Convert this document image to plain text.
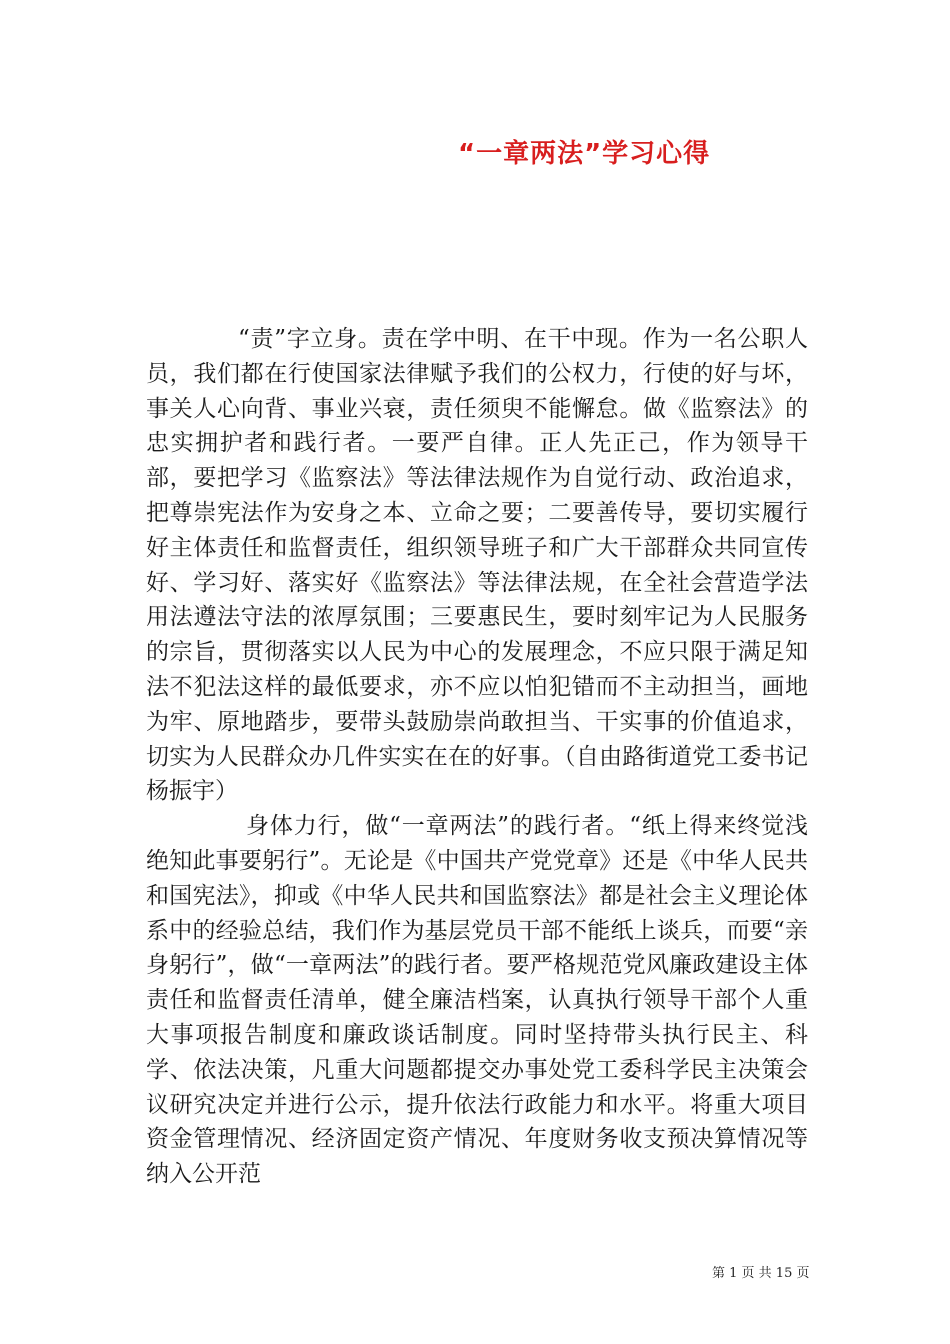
“一章两法”学习心得

“责”字立身。责在学中明、在干中现。作为一名公职人员，我们都在行使国家法律赋予我们的公权力，行使的好与坏，事关人心向背、事业兴衰，责任须臾不能懈怠。做《监察法》的忠实拥护者和践行者。一要严自律。正人先正己，作为领导干部，要把学习《监察法》等法律法规作为自觉行动、政治追求，把尊崇宪法作为安身之本、立命之要；二要善传导，要切实履行好主体责任和监督责任，组织领导班子和广大干部群众共同宣传好、学习好、落实好《监察法》等法律法规，在全社会营造学法用法遵法守法的浓厚氛围；三要惠民生，要时刻牢记为人民服务的宗旨，贯彻落实以人民为中心的发展理念，不应只限于满足知法不犯法这样的最低要求，亦不应以怕犯错而不主动担当，画地为牢、原地踏步，要带头鼓励崇尚敢担当、干实事的价值追求，切实为人民群众办几件实实在在的好事。（自由路街道党工委书记杨振宇）

身体力行，做“一章两法”的践行者。“纸上得来终觉浅绝知此事要躬行”。无论是《中国共产党党章》还是《中华人民共和国宪法》，抑或《中华人民共和国监察法》都是社会主义理论体系中的经验总结，我们作为基层党员干部不能纸上谈兵，而要“亲身躬行”，做“一章两法”的践行者。要严格规范党风廉政建设主体责任和监督责任清单，健全廉洁档案，认真执行领导干部个人重大事项报告制度和廉政谈话制度。同时坚持带头执行民主、科学、依法决策，凡重大问题都提交办事处党工委科学民主决策会议研究决定并进行公示，提升依法行政能力和水平。将重大项目资金管理情况、经济固定资产情况、年度财务收支预决算情况等纳入公开范

第 1 页 共 15 页
